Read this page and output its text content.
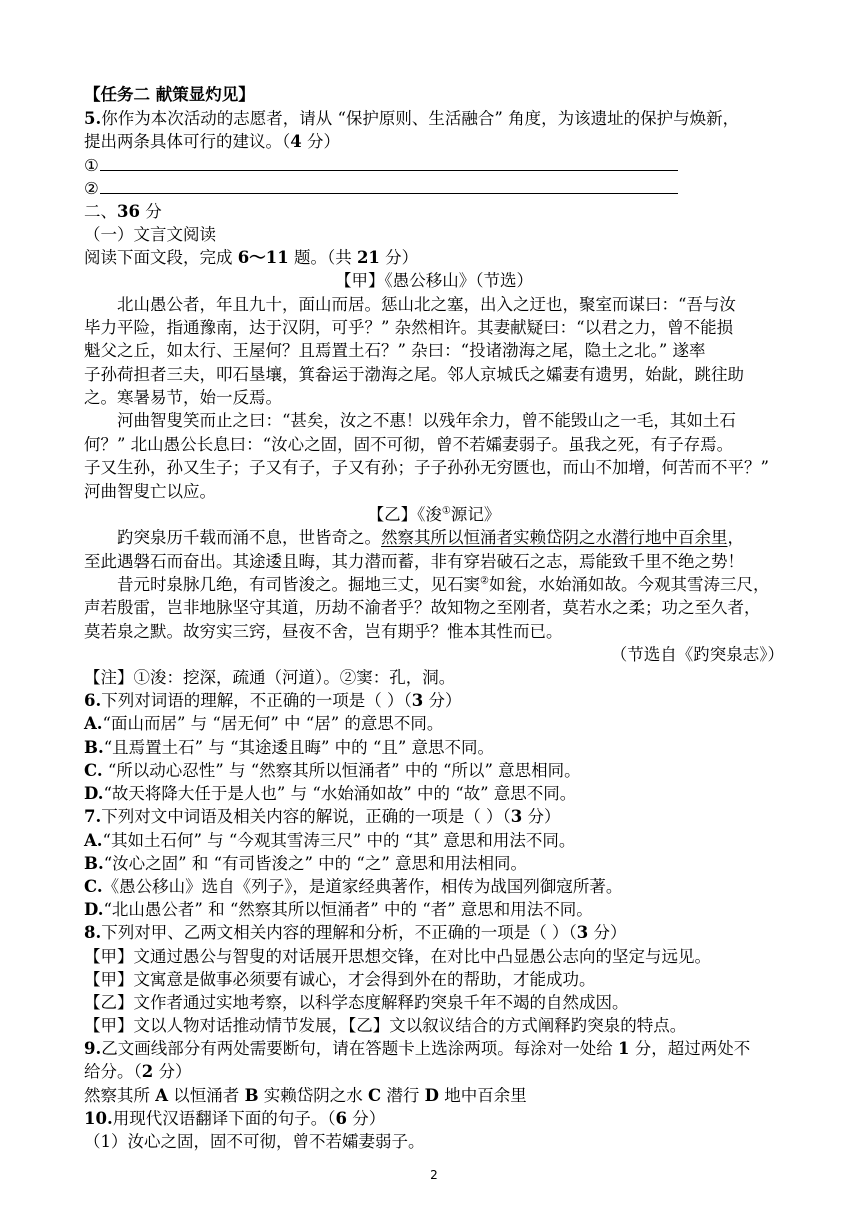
【任务二 献策显灼见】
5.你作为本次活动的志愿者，请从 “保护原则、生活融合” 角度，为该遗址的保护与焕新，
提出两条具体可行的建议。（4 分）
①
②
二、36 分
（一）文言文阅读
阅读下面文段，完成 6～11 题。（共 21 分）
【甲】《愚公移山》（节选）
北山愚公者，年且九十，面山而居。惩山北之塞，出入之迂也，聚室而谋曰：“吾与汝
毕力平险，指通豫南，达于汉阴，可乎？” 杂然相许。其妻献疑曰：“以君之力，曾不能损
魁父之丘，如太行、王屋何？且焉置土石？” 杂曰：“投诸渤海之尾，隐土之北。” 遂率
子孙荷担者三夫，叩石垦壤，箕畚运于渤海之尾。邻人京城氏之孀妻有遗男，始龀，跳往助
之。寒暑易节，始一反焉。
河曲智叟笑而止之曰：“甚矣，汝之不惠！以残年余力，曾不能毁山之一毛，其如土石
何？” 北山愚公长息曰：“汝心之固，固不可彻，曾不若孀妻弱子。虽我之死，有子存焉。
子又生孙，孙又生子；子又有子，子又有孙；子子孙孙无穷匮也，而山不加增，何苦而不平？”
河曲智叟亡以应。
【乙】《浚①源记》
趵突泉历千载而涌不息，世皆奇之。然察其所以恒涌者实赖岱阴之水潜行地中百余里，
至此遇磐石而奋出。其途逶且晦，其力潜而蓄，非有穿岩破石之志，焉能致千里不绝之势！
昔元时泉脉几绝，有司皆浚之。掘地三丈，见石窦②如瓮，水始涌如故。今观其雪涛三尺，
声若殷雷，岂非地脉坚守其道，历劫不渝者乎？故知物之至刚者，莫若水之柔；功之至久者，
莫若泉之默。故穷实三窍，昼夜不舍，岂有期乎？惟本其性而已。
（节选自《趵突泉志》）
【注】①浚：挖深，疏通（河道）。②窦：孔，洞。
6.下列对词语的理解，不正确的一项是（ ）（3 分）
A.“面山而居” 与 “居无何” 中 “居” 的意思不同。
B.“且焉置土石” 与 “其途逶且晦” 中的 “且” 意思不同。
C. “所以动心忍性” 与 “然察其所以恒涌者” 中的 “所以” 意思相同。
D.“故天将降大任于是人也” 与 “水始涌如故” 中的 “故” 意思不同。
7.下列对文中词语及相关内容的解说，正确的一项是（ ）（3 分）
A.“其如土石何” 与 “今观其雪涛三尺” 中的 “其” 意思和用法不同。
B.“汝心之固” 和 “有司皆浚之” 中的 “之” 意思和用法相同。
C.《愚公移山》选自《列子》，是道家经典著作，相传为战国列御寇所著。
D.“北山愚公者” 和 “然察其所以恒涌者” 中的 “者” 意思和用法不同。
8.下列对甲、乙两文相关内容的理解和分析，不正确的一项是（ ）（3 分）
【甲】文通过愚公与智叟的对话展开思想交锋，在对比中凸显愚公志向的坚定与远见。
【甲】文寓意是做事必须要有诚心，才会得到外在的帮助，才能成功。
【乙】文作者通过实地考察，以科学态度解释趵突泉千年不竭的自然成因。
【甲】文以人物对话推动情节发展，【乙】文以叙议结合的方式阐释趵突泉的特点。
9.乙文画线部分有两处需要断句，请在答题卡上选涂两项。每涂对一处给 1 分，超过两处不
给分。（2 分）
然察其所 A 以恒涌者 B 实赖岱阴之水 C 潜行 D 地中百余里
10.用现代汉语翻译下面的句子。（6 分）
（1）汝心之固，固不可彻，曾不若孀妻弱子。
2
